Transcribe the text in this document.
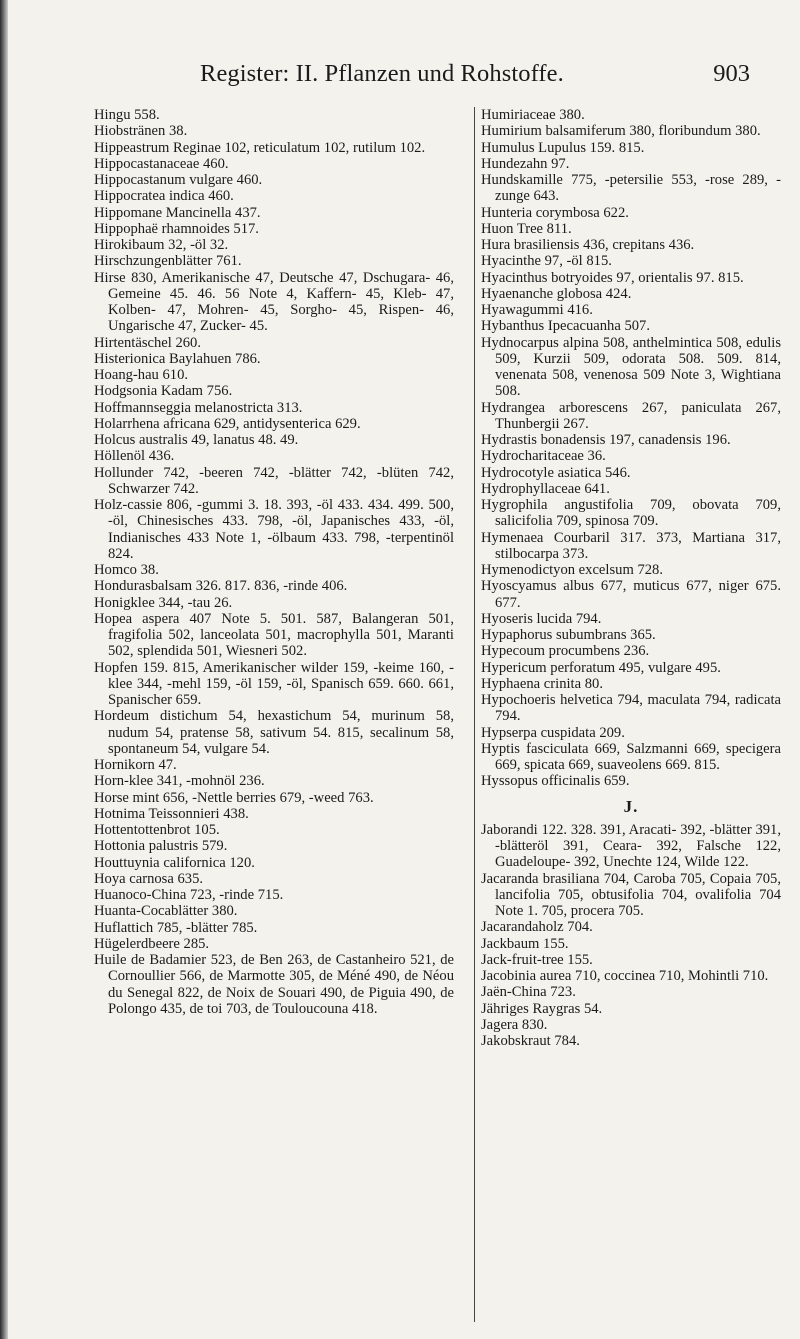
Register: II. Pflanzen und Rohstoffe.	903
Hingu 558.
Hiobstränen 38.
Hippeastrum Reginae 102, reticulatum 102, rutilum 102.
Hippocastanaceae 460.
Hippocastanum vulgare 460.
Hippocratea indica 460.
Hippomane Mancinella 437.
Hippophaë rhamnoides 517.
Hirokibaum 32, -öl 32.
Hirschzungenblätter 761.
Hirse 830, Amerikanische 47, Deutsche 47, Dschugara- 46, Gemeine 45. 46. 56 Note 4, Kaffern- 45, Kleb- 47, Kolben- 47, Mohren- 45, Sorgho- 45, Rispen- 46, Ungarische 47, Zucker- 45.
Hirtentäschel 260.
Histerionica Baylahuen 786.
Hoang-hau 610.
Hodgsonia Kadam 756.
Hoffmannseggia melanostricta 313.
Holarrhena africana 629, antidysenterica 629.
Holcus australis 49, lanatus 48. 49.
Höllenöl 436.
Hollunder 742, -beeren 742, -blätter 742, -blüten 742, Schwarzer 742.
Holz-cassie 806, -gummi 3. 18. 393, -öl 433. 434. 499. 500, -öl, Chinesisches 433. 798, -öl, Japanisches 433, -öl, Indianisches 433 Note 1, -ölbaum 433. 798, -terpentinöl 824.
Homco 38.
Hondurasbalsam 326. 817. 836, -rinde 406.
Honigklee 344, -tau 26.
Hopea aspera 407 Note 5. 501. 587, Balangeran 501, fragifolia 502, lanceolata 501, macrophylla 501, Maranti 502, splendida 501, Wiesneri 502.
Hopfen 159. 815, Amerikanischer wilder 159, -keime 160, -klee 344, -mehl 159, -öl 159, -öl, Spanisch 659. 660. 661, Spanischer 659.
Hordeum distichum 54, hexastichum 54, murinum 58, nudum 54, pratense 58, sativum 54. 815, secalinum 58, spontaneum 54, vulgare 54.
Hornikorn 47.
Horn-klee 341, -mohnöl 236.
Horse mint 656, -Nettle berries 679, -weed 763.
Hotnima Teissonnieri 438.
Hottentottenbrot 105.
Hottonia palustris 579.
Houttuynia californica 120.
Hoya carnosa 635.
Huanoco-China 723, -rinde 715.
Huanta-Cocablätter 380.
Huflattich 785, -blätter 785.
Hügelerdbeere 285.
Huile de Badamier 523, de Ben 263, de Castanheiro 521, de Cornoullier 566, de Marmotte 305, de Méné 490, de Néou du Senegal 822, de Noix de Souari 490, de Piguia 490, de Polongo 435, de toi 703, de Touloucouna 418.
Humiriaceae 380.
Humirium balsamiferum 380, floribundum 380.
Humulus Lupulus 159. 815.
Hundezahn 97.
Hundskamille 775, -petersilie 553, -rose 289, -zunge 643.
Hunteria corymbosa 622.
Huon Tree 811.
Hura brasiliensis 436, crepitans 436.
Hyacinthe 97, -öl 815.
Hyacinthus botryoides 97, orientalis 97. 815.
Hyaenanche globosa 424.
Hyawagummi 416.
Hybanthus Ipecacuanha 507.
Hydnocarpus alpina 508, anthelmintica 508, edulis 509, Kurzii 509, odorata 508. 509. 814, venenata 508, venenosa 509 Note 3, Wightiana 508.
Hydrangea arborescens 267, paniculata 267, Thunbergii 267.
Hydrastis bonadensis 197, canadensis 196.
Hydrocharitaceae 36.
Hydrocotyle asiatica 546.
Hydrophyllaceae 641.
Hygrophila angustifolia 709, obovata 709, salicifolia 709, spinosa 709.
Hymenaea Courbaril 317. 373, Martiana 317, stilbocarpa 373.
Hymenodictyon excelsum 728.
Hyoscyamus albus 677, muticus 677, niger 675. 677.
Hyoseris lucida 794.
Hypaphorus subumbrans 365.
Hypecoum procumbens 236.
Hypericum perforatum 495, vulgare 495.
Hyphaena crinita 80.
Hypochoeris helvetica 794, maculata 794, radicata 794.
Hypserpa cuspidata 209.
Hyptis fasciculata 669, Salzmanni 669, specigera 669, spicata 669, suaveolens 669. 815.
Hyssopus officinalis 659.
J.
Jaborandi 122. 328. 391, Aracati- 392, -blätter 391, -blätteröl 391, Ceara- 392, Falsche 122, Guadeloupe- 392, Unechte 124, Wilde 122.
Jacaranda brasiliana 704, Caroba 705, Copaia 705, lancifolia 705, obtusifolia 704, ovalifolia 704 Note 1. 705, procera 705.
Jacarandaholz 704.
Jackbaum 155.
Jack-fruit-tree 155.
Jacobinia aurea 710, coccinea 710, Mohintli 710.
Jaën-China 723.
Jähriges Raygras 54.
Jagera 830.
Jakobskraut 784.
